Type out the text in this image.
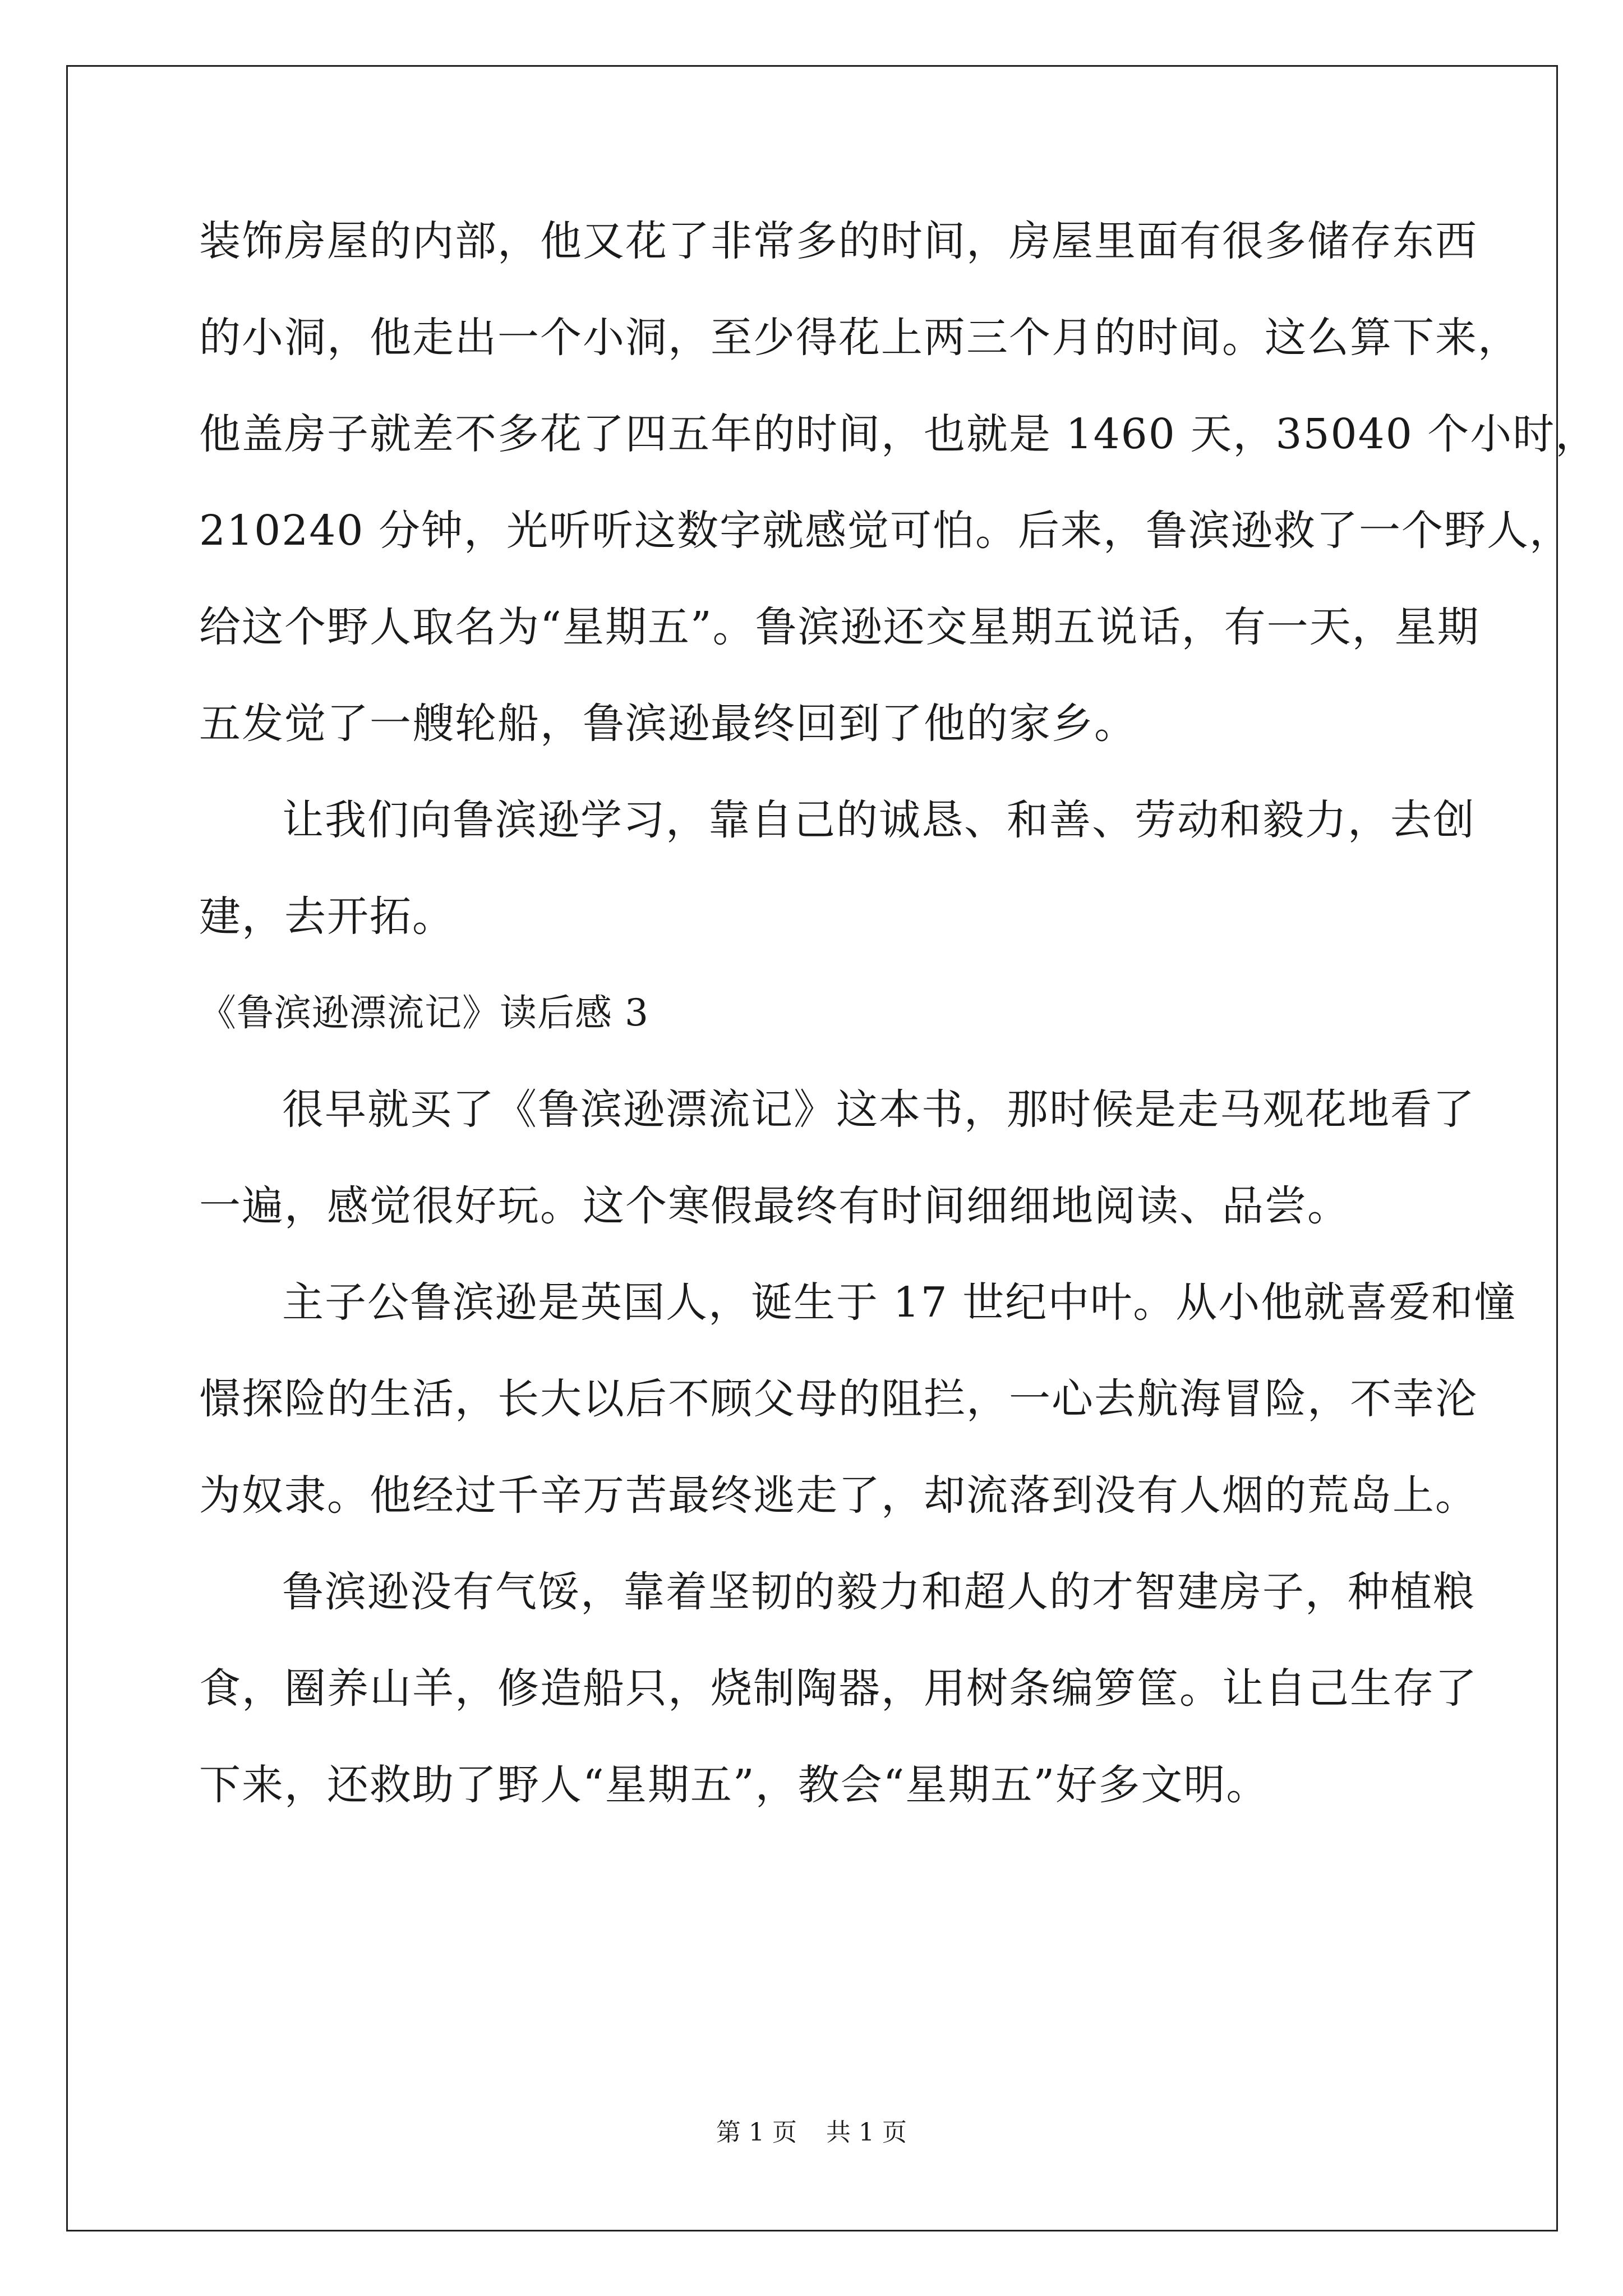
装饰房屋的内部，他又花了非常多的时间，房屋里面有很多储存东西
的小洞，他走出一个小洞，至少得花上两三个月的时间。这么算下来，
他盖房子就差不多花了四五年的时间，也就是 1460 天，35040 个小时，
210240 分钟，光听听这数字就感觉可怕。后来，鲁滨逊救了一个野人，
给这个野人取名为“星期五”。鲁滨逊还交星期五说话，有一天，星期
五发觉了一艘轮船，鲁滨逊最终回到了他的家乡。
让我们向鲁滨逊学习，靠自己的诚恳、和善、劳动和毅力，去创
建，去开拓。
《鲁滨逊漂流记》读后感 3
很早就买了《鲁滨逊漂流记》这本书，那时候是走马观花地看了
一遍，感觉很好玩。这个寒假最终有时间细细地阅读、品尝。
主子公鲁滨逊是英国人，诞生于 17 世纪中叶。从小他就喜爱和憧
憬探险的生活，长大以后不顾父母的阻拦，一心去航海冒险，不幸沦
为奴隶。他经过千辛万苦最终逃走了，却流落到没有人烟的荒岛上。
鲁滨逊没有气馁，靠着坚韧的毅力和超人的才智建房子，种植粮
食，圈养山羊，修造船只，烧制陶器，用树条编箩筐。让自己生存了
下来，还救助了野人“星期五”，教会“星期五”好多文明。
第 1 页 共 1 页
